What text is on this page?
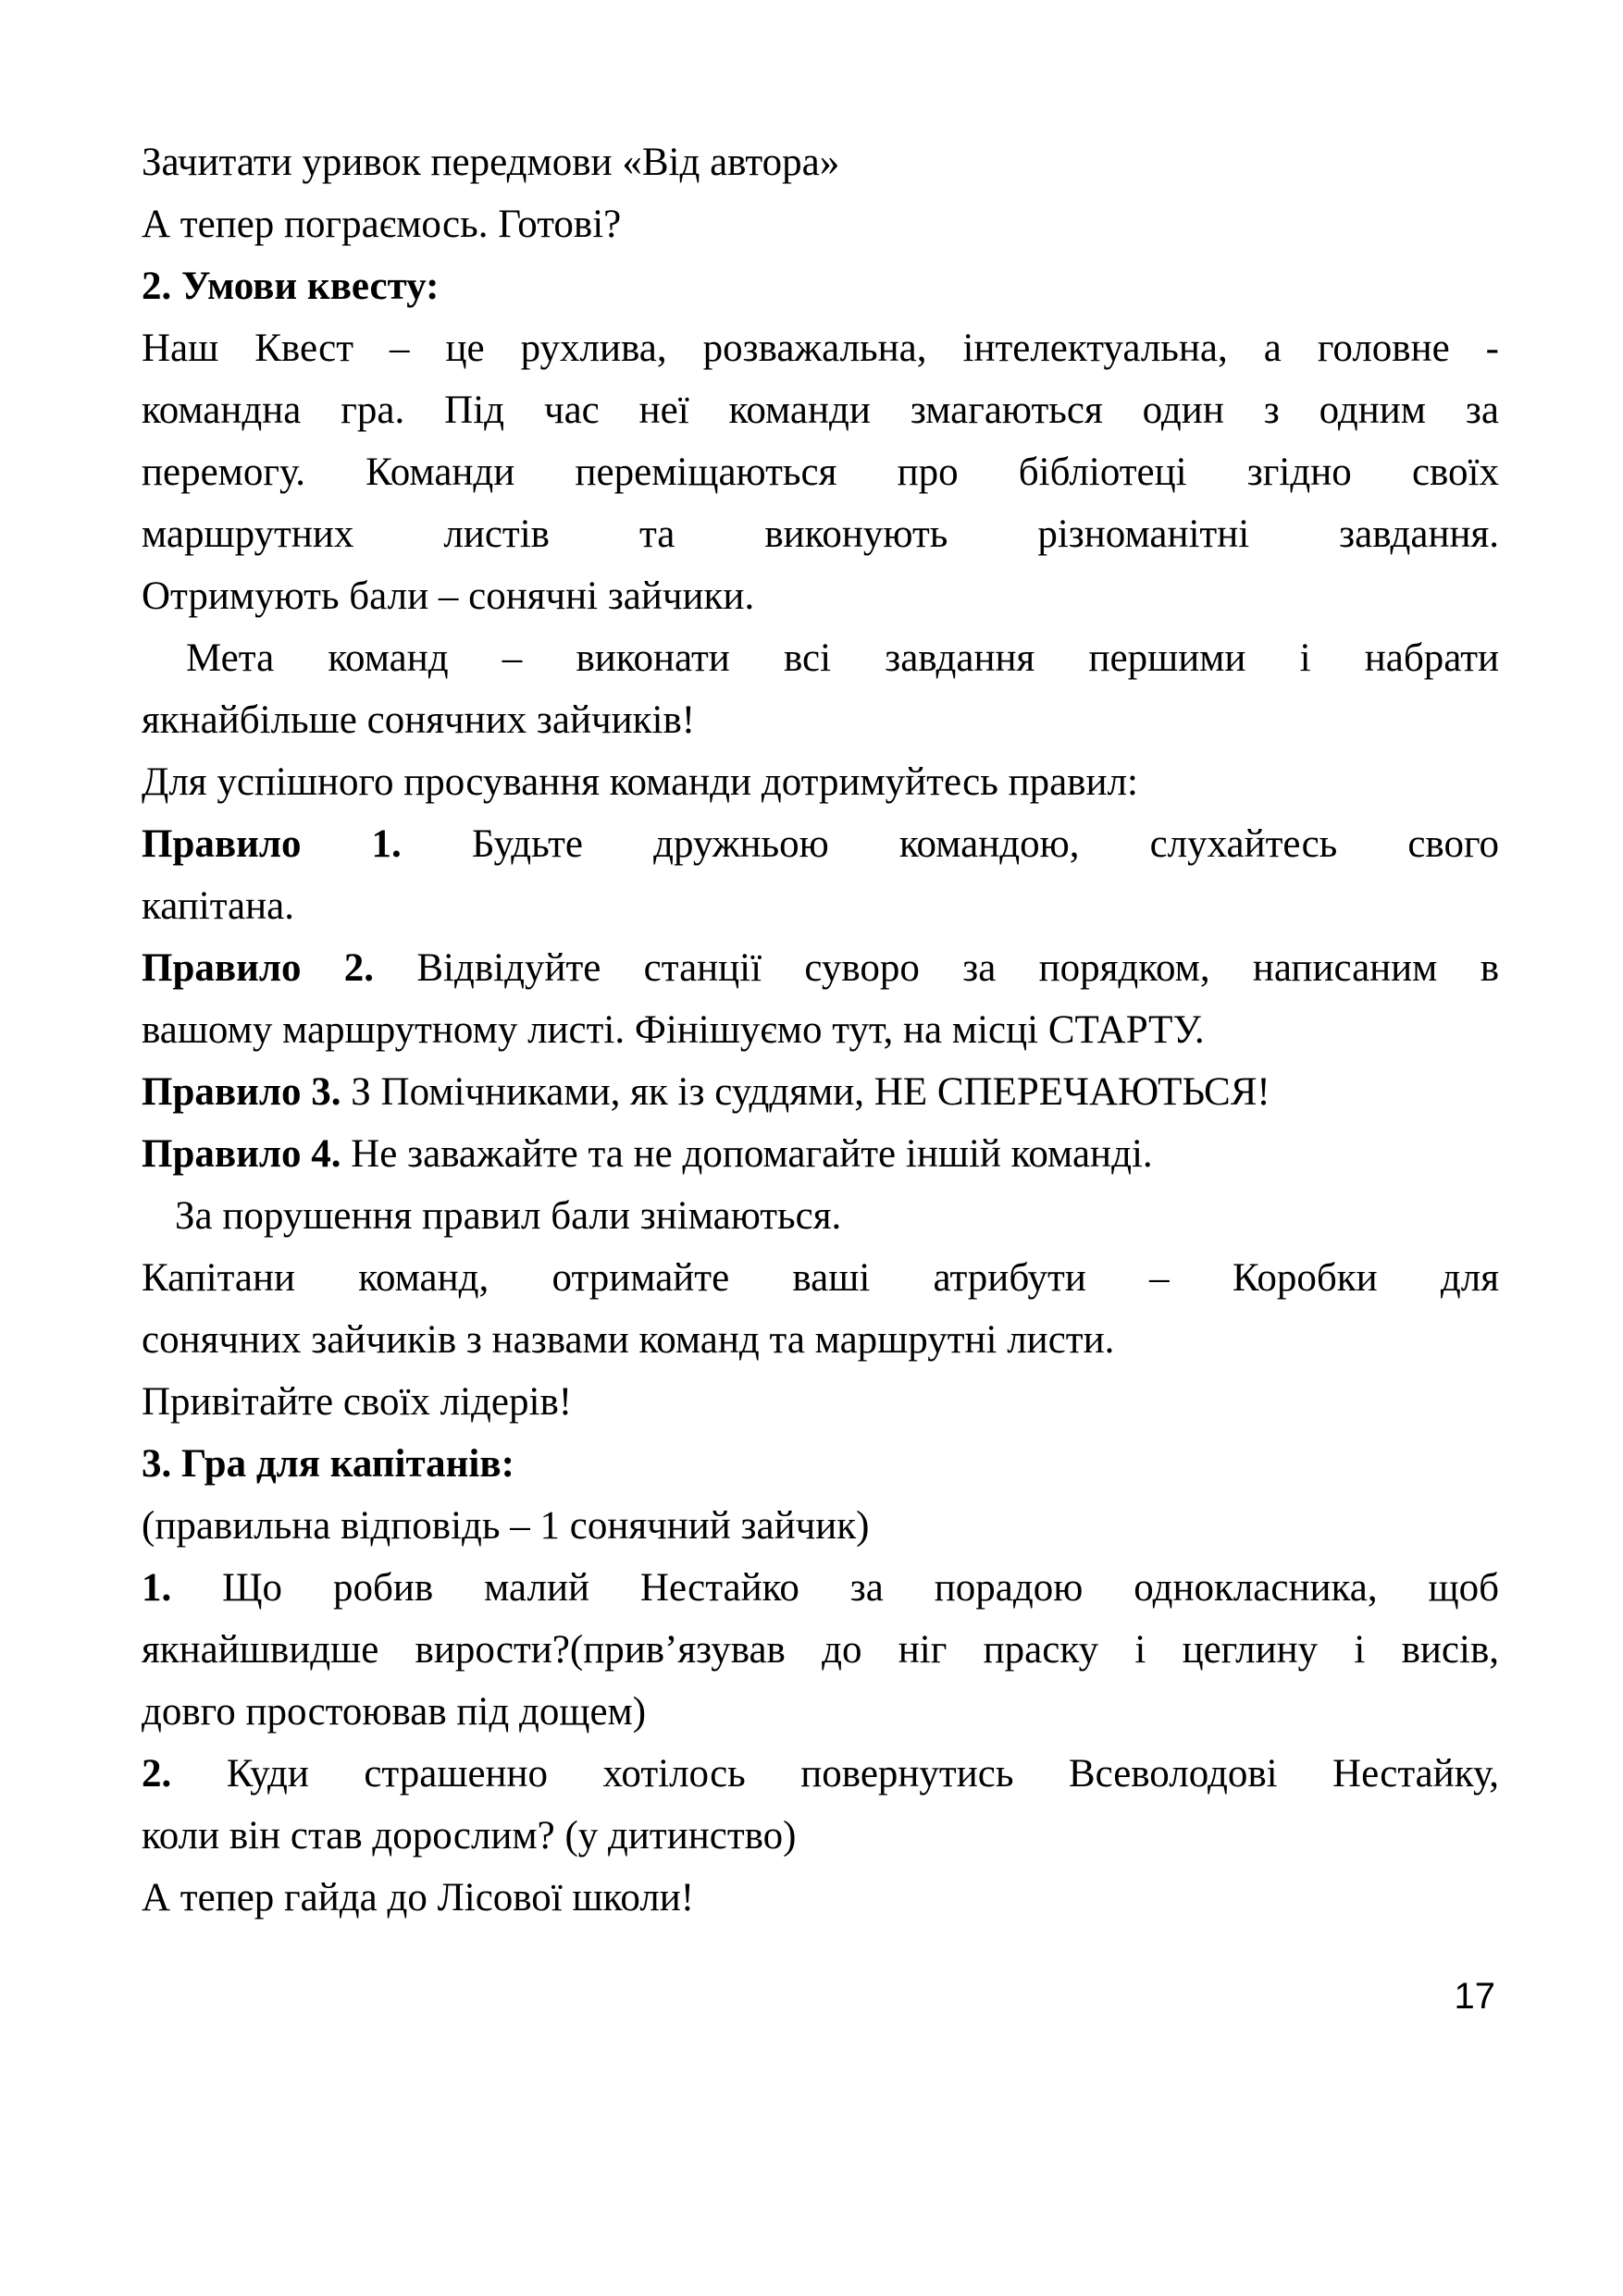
Зачитати уривок передмови «Від автора»
А тепер пограємось. Готові?
2. Умови квесту:
Наш Квест – це рухлива, розважальна, інтелектуальна, а головне -
командна гра. Під час неї команди змагаються один з одним за
перемогу. Команди переміщаються про бібліотеці згідно своїх
маршрутних листів та виконують різноманітні завдання.
Отримують бали – сонячні зайчики.
Мета команд – виконати всі завдання першими і набрати
якнайбільше сонячних зайчиків!
Для успішного просування команди дотримуйтесь правил:
Правило 1. Будьте дружньою командою, слухайтесь свого
капітана.
Правило 2. Відвідуйте станції суворо за порядком, написаним в
вашому маршрутному листі. Фінішуємо тут, на місці СТАРТУ.
Правило 3. З Помічниками, як із суддями, НЕ СПЕРЕЧАЮТЬСЯ!
Правило 4. Не заважайте та не допомагайте іншій команді.
За порушення правил бали знімаються.
Капітани команд, отримайте ваші атрибути – Коробки для
сонячних зайчиків з назвами команд та маршрутні листи.
Привітайте своїх лідерів!
3. Гра для капітанів:
(правильна відповідь – 1 сонячний зайчик)
1. Що робив малий Нестайко за порадою однокласника, щоб
якнайшвидше вирости?(прив’язував до ніг праску і цеглину і висів,
довго простоював під дощем)
2. Куди страшенно хотілось повернутись Всеволодові Нестайку,
коли він став дорослим? (у дитинство)
А тепер гайда до Лісової школи!
17
